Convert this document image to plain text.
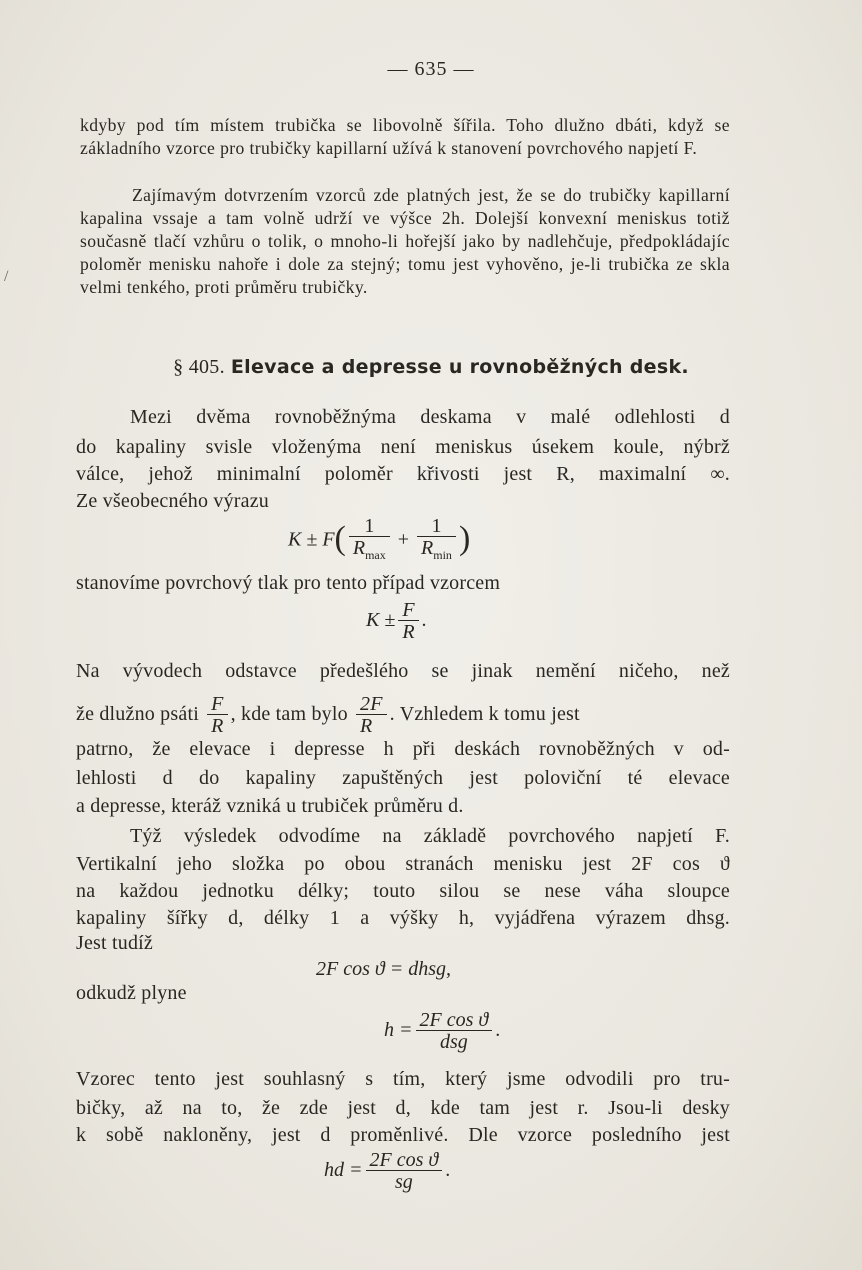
— 635 —

kdyby pod tím místem trubička se libovolně šířila. Toho dlužno dbáti, když se základního vzorce pro trubičky kapillarní užívá k stanovení povrchového napjetí F.

Zajímavým dotvrzením vzorců zde platných jest, že se do trubičky kapillarní kapalina vssaje a tam volně udrží ve výšce 2h. Dolejší konvexní meniskus totiž současně tlačí vzhůru o tolik, o mnoho-li hořejší jako by nadlehčuje, předpokládajíc poloměr menisku nahoře i dole za stejný; tomu jest vyhověno, je-li trubička ze skla velmi tenkého, proti průměru trubičky.

/
§ 405. Elevace a depresse u rovnoběžných desk.
Mezi dvěma rovnoběžnýma deskama v malé odlehlosti d
do kapaliny svisle vloženýma není meniskus úsekem koule, nýbrž
válce, jehož minimalní poloměr křivosti jest R, maximalní ∞.
Ze všeobecného výrazu
$K \pm F( \frac{1}{R_{max}} + \frac{1}{R_{min}}$ )
stanovíme povrchový tlak pro tento případ vzorcem
$K \pm \frac{F}{R}$ .
Na vývodech odstavce předešlého se jinak nemění ničeho, než
že dlužno psáti $\frac{F}{R}$ , kde tam bylo $\frac{2F}{R}$ . Vzhledem k tomu jest
patrno, že elevace i depresse h při deskách rovnoběžných v od-
lehlosti d do kapaliny zapuštěných jest poloviční té elevace
a depresse, kteráž vzniká u trubiček průměru d.
Týž výsledek odvodíme na základě povrchového napjetí F.
Vertikalní jeho složka po obou stranách menisku jest 2F cos ϑ
na každou jednotku délky; touto silou se nese váha sloupce
kapaliny šířky d, délky 1 a výšky h, vyjádřena výrazem dhsg.
Jest tudíž
2F cos ϑ = dhsg,
odkudž plyne
$h = \frac{\text{2F cos ϑ}}{\text{dsg}}$ .
Vzorec tento jest souhlasný s tím, který jsme odvodili pro tru-
bičky, až na to, že zde jest d, kde tam jest r. Jsou-li desky
k sobě nakloněny, jest d proměnlivé. Dle vzorce posledního jest
hd = $\frac{\text{2F cos ϑ}}{sg}$ .
